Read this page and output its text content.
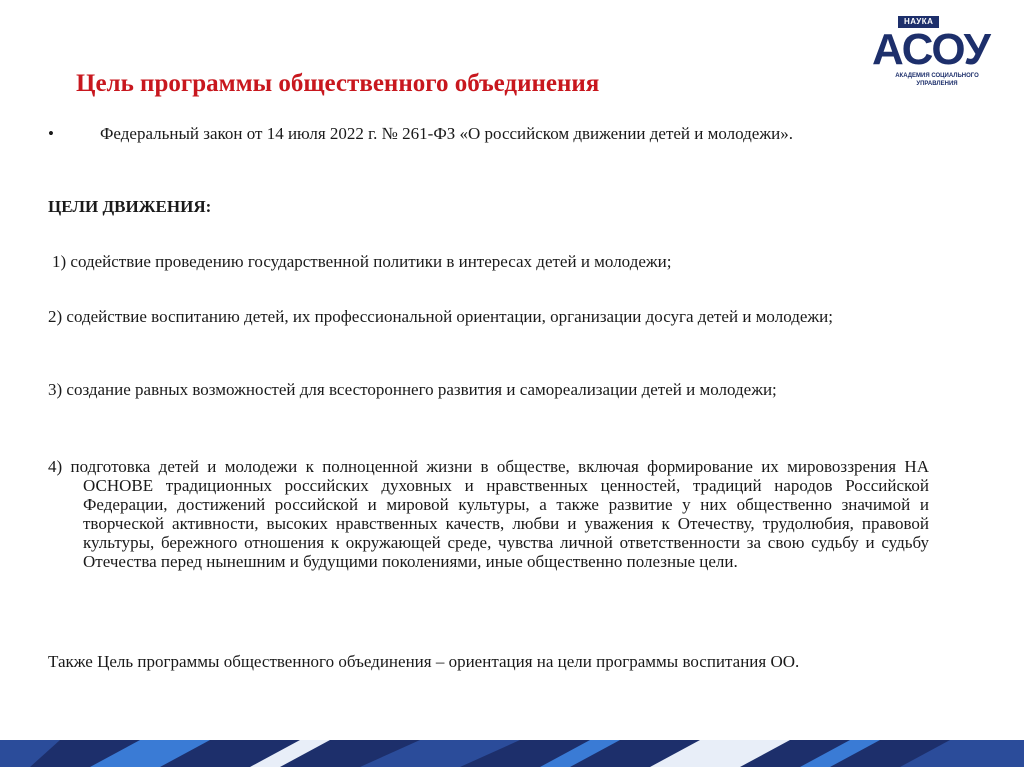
НАУКА
АСОУ
АКАДЕМИЯ СОЦИАЛЬНОГО УПРАВЛЕНИЯ
Цель программы общественного объединения
•	Федеральный закон от 14 июля 2022 г. № 261-ФЗ «О российском движении детей и молодежи».
ЦЕЛИ ДВИЖЕНИЯ:
1) содействие проведению государственной политики в интересах детей и молодежи;
2) содействие воспитанию детей, их профессиональной ориентации, организации досуга детей и молодежи;
3) создание равных возможностей для всестороннего развития и самореализации детей и молодежи;
4) подготовка детей и молодежи к полноценной жизни в обществе, включая формирование их мировоззрения НА ОСНОВЕ традиционных российских духовных и нравственных ценностей, традиций народов Российской Федерации, достижений российской и мировой культуры, а также развитие у них общественно значимой и творческой активности, высоких нравственных качеств, любви и уважения к Отечеству, трудолюбия, правовой культуры, бережного отношения к окружающей среде, чувства личной ответственности за свою судьбу и судьбу Отечества перед нынешним и будущими поколениями, иные общественно полезные цели.
Также Цель программы общественного объединения – ориентация на цели программы воспитания ОО.
